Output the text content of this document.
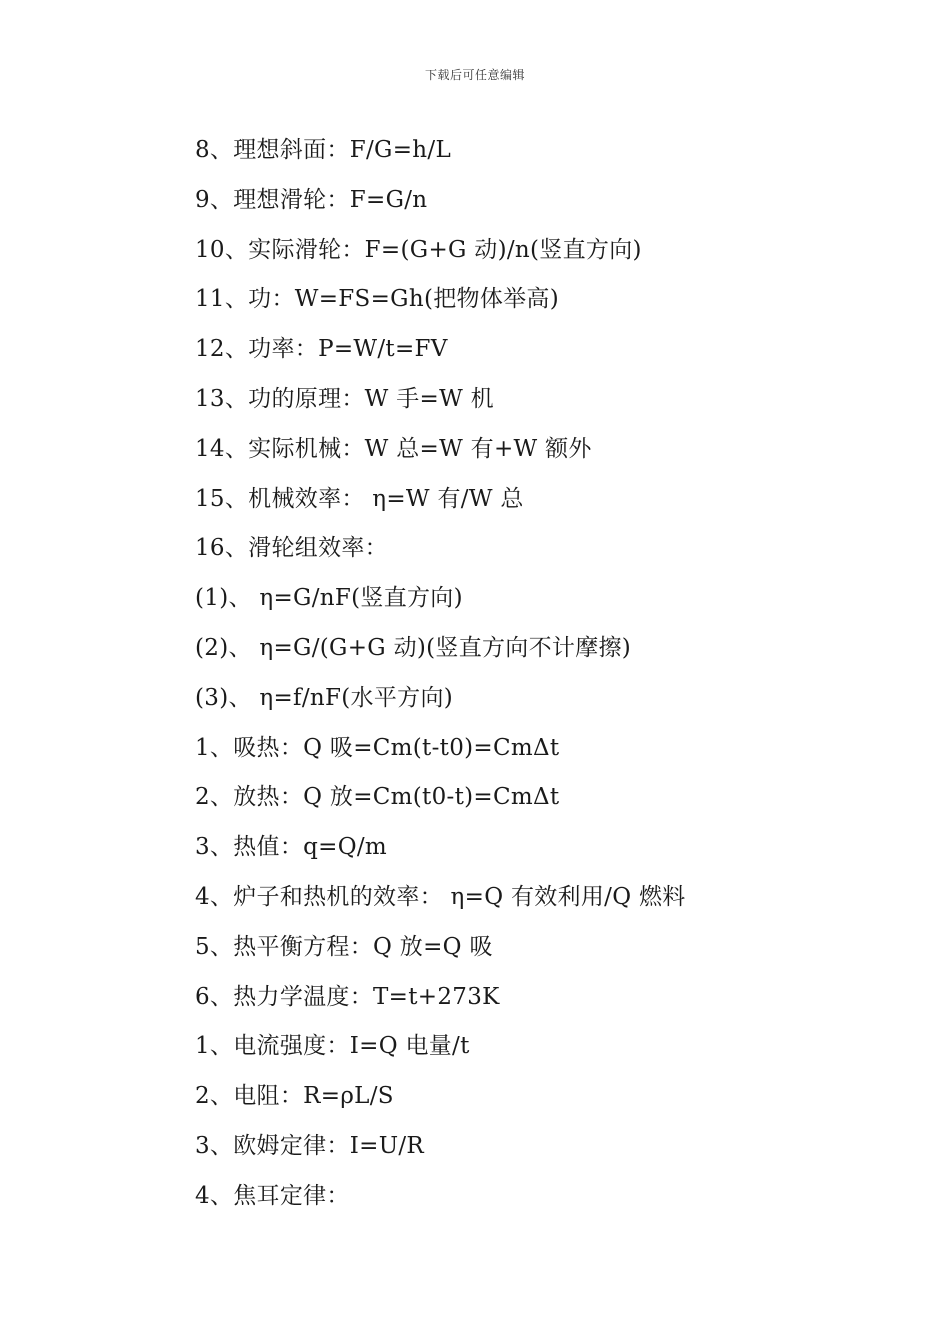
下载后可任意编辑
8、理想斜面：F/G=h/L
9、理想滑轮：F=G/n
10、实际滑轮：F=(G+G 动)/n(竖直方向)
11、功：W=FS=Gh(把物体举高)
12、功率：P=W/t=FV
13、功的原理：W 手=W 机
14、实际机械：W 总=W 有+W 额外
15、机械效率： η=W 有/W 总
16、滑轮组效率：
(1)、 η=G/nF(竖直方向)
(2)、 η=G/(G+G 动)(竖直方向不计摩擦)
(3)、 η=f/nF(水平方向)
1、吸热：Q 吸=Cm(t-t0)=CmΔt
2、放热：Q 放=Cm(t0-t)=CmΔt
3、热值：q=Q/m
4、炉子和热机的效率： η=Q 有效利用/Q 燃料
5、热平衡方程：Q 放=Q 吸
6、热力学温度：T=t+273K
1、电流强度：I=Q 电量/t
2、电阻：R=ρL/S
3、欧姆定律：I=U/R
4、焦耳定律：
